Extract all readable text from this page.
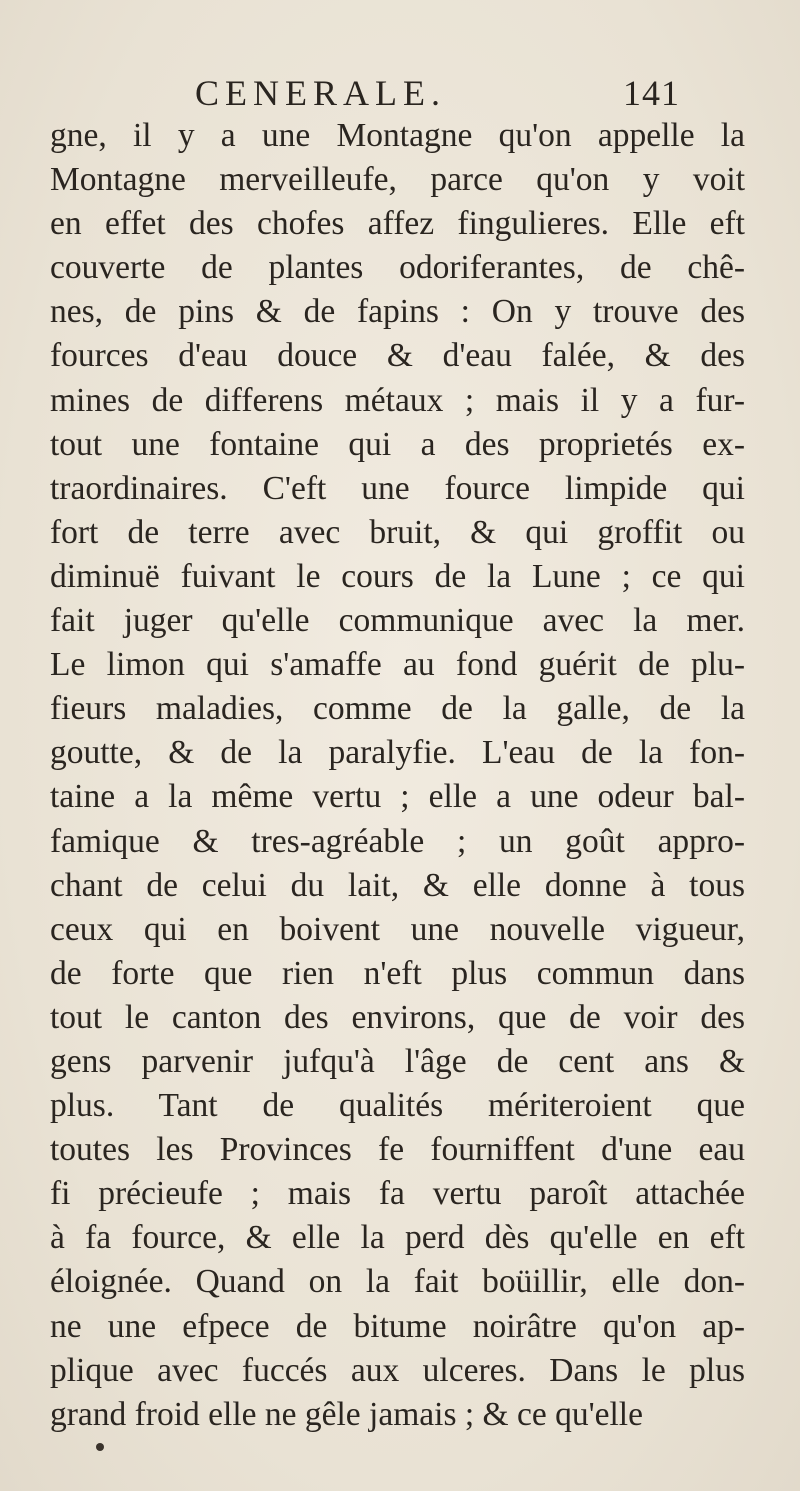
CENERALE.	141
gne, il y a une Montagne qu'on appelle la
Montagne merveilleufe, parce qu'on y voit
en effet des chofes affez fingulieres. Elle eft
couverte de plantes odoriferantes, de chê-
nes, de pins & de fapins : On y trouve des
fources d'eau douce & d'eau falée, & des
mines de differens métaux ; mais il y a fur-
tout une fontaine qui a des proprietés ex-
traordinaires. C'eft une fource limpide qui
fort de terre avec bruit, & qui groffit ou
diminuë fuivant le cours de la Lune ; ce qui
fait juger qu'elle communique avec la mer.
Le limon qui s'amaffe au fond guérit de plu-
fieurs maladies, comme de la galle, de la
goutte, & de la paralyfie. L'eau de la fon-
taine a la même vertu ; elle a une odeur bal-
famique & tres-agréable ; un goût appro-
chant de celui du lait, & elle donne à tous
ceux qui en boivent une nouvelle vigueur,
de forte que rien n'eft plus commun dans
tout le canton des environs, que de voir des
gens parvenir jufqu'à l'âge de cent ans &
plus. Tant de qualités mériteroient que
toutes les Provinces fe fourniffent d'une eau
fi précieufe ; mais fa vertu paroît attachée
à fa fource, & elle la perd dès qu'elle en eft
éloignée. Quand on la fait boüillir, elle don-
ne une efpece de bitume noirâtre qu'on ap-
plique avec fuccés aux ulceres. Dans le plus
grand froid elle ne gêle jamais ; & ce qu'elle
